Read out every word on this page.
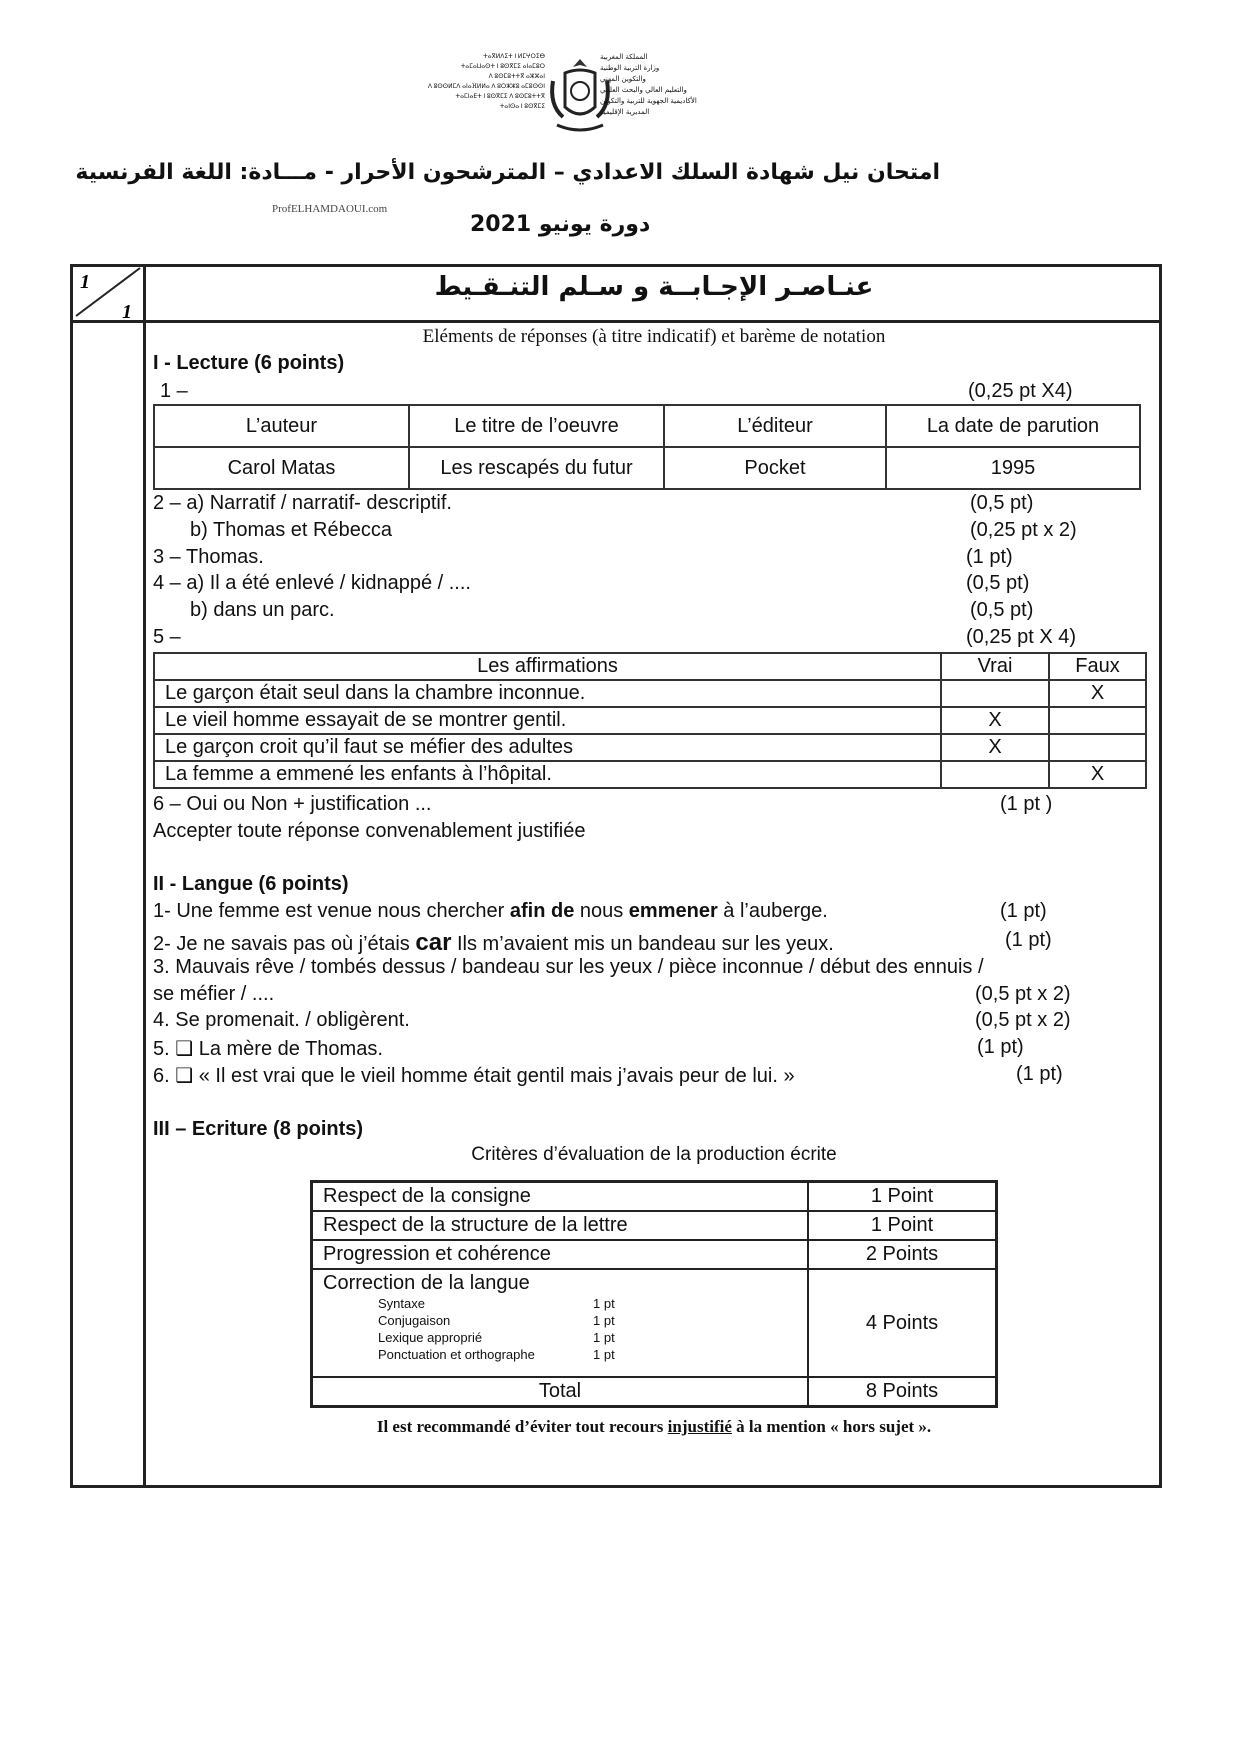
ⵜⴰⴳⵍⴷⵉⵜ ⵏ ⵍⵎⵖⵔⵉⴱ
ⵜⴰⵎⴰⵡⴰⵙⵜ ⵏ ⵓⵙⴳⵎⵉ ⴰⵏⴰⵎⵓⵔ
ⴷ ⵓⵙⵎⵓⵜⵜⴳ ⴰⵣⵣⴰⵏ
ⴷ ⵓⵙⵙⵍⵎⴷ ⴰⵏⴰⴼⵍⵍⴰ ⴷ ⵓⵔⵣⵣⵓ ⴰⵎⵓⵙⵙⵏ
ⵜⴰⵎⵏⴰⴹⵜ ⵏ ⵓⵙⴳⵎⵉ ⴷ ⵓⵙⵎⵓⵜⵜⴳ
ⵜⴰⵏⵙⴰ ⵏ ⵓⵙⴳⵎⵉ
المملكة المغربية
وزارة التربية الوطنية
والتكوين المهني
والتعليم العالي والبحث العلمي
الأكاديمية الجهوية للتربية والتكوين
المديرية الإقليمية
امتحان نيل شهادة السلك الاعدادي – المترشحون الأحرار - مـــادة: اللغة الفرنسية
ProfELHAMDAOUI.com
دورة يونيو 2021
1
1
عنـاصـر الإجـابــة و سـلم التنـقـيط
Eléments de réponses (à titre indicatif) et barème de notation
I - Lecture (6 points)
1 –	(0,25 pt X4)
L’auteur	Le titre de l’oeuvre	L’éditeur	La date de parution
Carol Matas	Les rescapés du futur	Pocket	1995
2 – a) Narratif / narratif- descriptif.	(0,5 pt)
b) Thomas et Rébecca	(0,25 pt x 2)
3 – Thomas.	(1 pt)
4 – a) Il a été enlevé / kidnappé / ....	(0,5 pt)
b) dans un parc.	(0,5 pt)
5 –	(0,25 pt X 4)
Les affirmations	Vrai	Faux
Le garçon était seul dans la chambre inconnue.		X
Le vieil homme essayait de se montrer gentil.	X	
Le garçon croit qu’il faut se méfier des adultes	X	
La femme a emmené les enfants à l’hôpital.		X
6 – Oui ou Non + justification ...	(1 pt )
Accepter toute réponse convenablement justifiée
II - Langue (6 points)
1- Une femme est venue nous chercher afin de nous emmener à l’auberge.	(1 pt)
2- Je ne savais pas où j’étais car Ils m’avaient mis un bandeau sur les yeux.	(1 pt)
3. Mauvais rêve / tombés dessus / bandeau sur les yeux / pièce inconnue / début des ennuis /
se méfier / ....	(0,5 pt x 2)
4. Se promenait. / obligèrent.	(0,5 pt x 2)
5. ❑ La mère de Thomas.	(1 pt)
6. ❑ « Il est vrai que le vieil homme était gentil mais j’avais peur de lui. »	(1 pt)
III – Ecriture (8 points)
Critères d’évaluation de la production écrite
Respect de la consigne	1 Point
Respect de la structure de la lettre	1 Point
Progression et cohérence	2 Points

Correction de la langue
Syntaxe 1 pt
Conjugaison 1 pt
Lexique approprié 1 pt
Ponctuation et orthographe 1 pt	4 Points
Total	8 Points
Il est recommandé d’éviter tout recours injustifié à la mention « hors sujet ».
